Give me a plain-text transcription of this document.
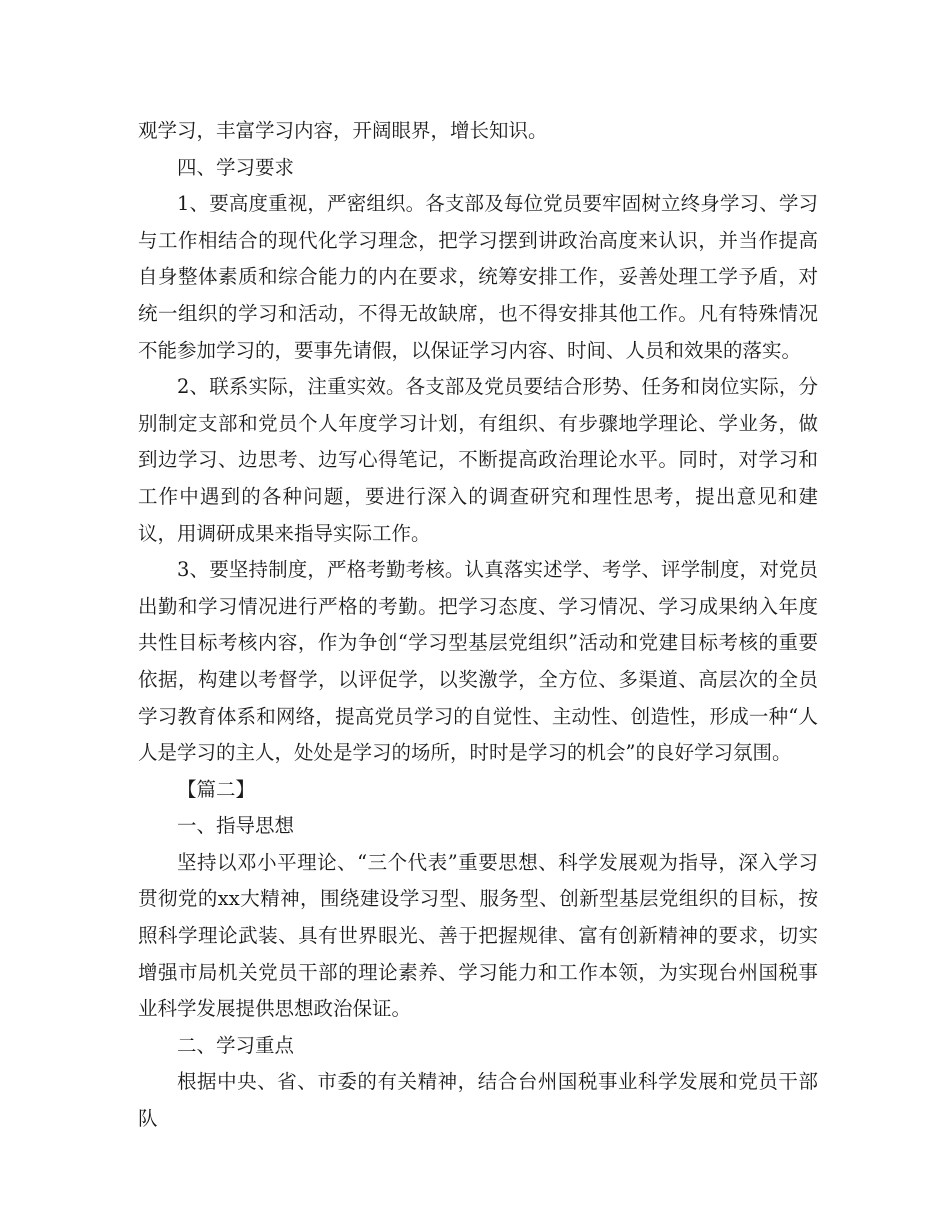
观学习，丰富学习内容，开阔眼界，增长知识。

四、学习要求

1、要高度重视，严密组织。各支部及每位党员要牢固树立终身学习、学习与工作相结合的现代化学习理念，把学习摆到讲政治高度来认识，并当作提高自身整体素质和综合能力的内在要求，统筹安排工作，妥善处理工学予盾，对统一组织的学习和活动，不得无故缺席，也不得安排其他工作。凡有特殊情况不能参加学习的，要事先请假，以保证学习内容、时间、人员和效果的落实。

2、联系实际，注重实效。各支部及党员要结合形势、任务和岗位实际，分别制定支部和党员个人年度学习计划，有组织、有步骤地学理论、学业务，做到边学习、边思考、边写心得笔记，不断提高政治理论水平。同时，对学习和工作中遇到的各种问题，要进行深入的调查研究和理性思考，提出意见和建议，用调研成果来指导实际工作。

3、要坚持制度，严格考勤考核。认真落实述学、考学、评学制度，对党员出勤和学习情况进行严格的考勤。把学习态度、学习情况、学习成果纳入年度共性目标考核内容，作为争创“学习型基层党组织”活动和党建目标考核的重要依据，构建以考督学，以评促学，以奖激学，全方位、多渠道、高层次的全员学习教育体系和网络，提高党员学习的自觉性、主动性、创造性，形成一种“人人是学习的主人，处处是学习的场所，时时是学习的机会”的良好学习氛围。

【篇二】

一、指导思想

坚持以邓小平理论、“三个代表”重要思想、科学发展观为指导，深入学习贯彻党的xx大精神，围绕建设学习型、服务型、创新型基层党组织的目标，按照科学理论武装、具有世界眼光、善于把握规律、富有创新精神的要求，切实增强市局机关党员干部的理论素养、学习能力和工作本领，为实现台州国税事业科学发展提供思想政治保证。

二、学习重点

根据中央、省、市委的有关精神，结合台州国税事业科学发展和党员干部队
